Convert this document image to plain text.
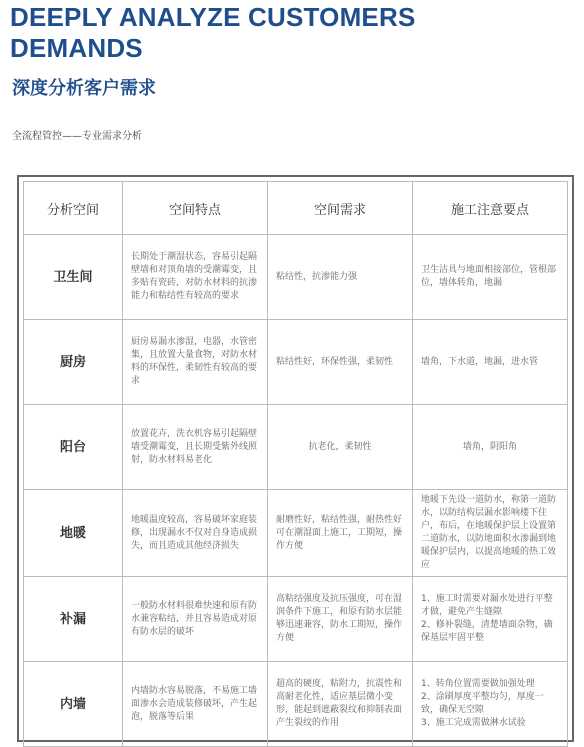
DEEPLY ANALYZE CUSTOMERS
DEMANDS
深度分析客户需求

全流程管控——专业需求分析

分析空间	空间特点	空间需求	施工注意要点
卫生间	长期处于潮湿状态，容易引起隔壁墙和对顶角墙的受潮霉变，且多贴有瓷砖，对防水材料的抗渗能力和粘结性有较高的要求	粘结性，抗渗能力强	卫生洁具与地面相接部位，管根部位，墙体转角，地漏
厨房	厨房易漏水渗湿，电器，水管密集，且放置大量食物，对防水材料的环保性，柔韧性有较高的要求	粘结性好，环保性强，柔韧性	墙角，下水道，地漏，进水管
阳台	放置花卉，洗衣机容易引起隔壁墙受潮霉变，且长期受紫外线照射，防水材料易老化	抗老化，柔韧性	墙角，阴阳角
地暖	地暖温度较高，容易破坏家庭装修，出现漏水不仅对自身造成损失，而且造成其他经济损失	耐磨性好，粘结性强，耐热性好可在潮湿面上施工，工期短，操作方便	地暖下先设一道防水，称第一道防水，以防结构层漏水影响楼下住户，布后，在地暖保护层上设置第二道防水，以防地面积水渗漏到地暖保护层内，以提高地暖的热工效应
补漏	一般防水材料很难快速和原有防水兼容粘结，并且容易造成对原有防水层的破坏	高粘结强度及抗压强度，可在湿润条件下施工，和原有防水层能够迅速兼容，防水工期短，操作方便	1、施工时需要对漏水处进行平整才做，避免产生缝隙
2、修补裂缝，清楚墙面杂物，确保基层牢固平整

内墙	内墙防水容易脱落，不易施工墙面渗水会造成装修破坏，产生起泡，脱落等后果	超高的硬度，粘附力，抗震性和高耐老化性，适应基层微小变形，能起到遮蔽裂纹和抑制表面产生裂纹的作用	1、转角位置需要做加强处理
2、涂刷厚度平整均匀，厚度一致，确保无空隙
3、施工完成需做淋水试验
